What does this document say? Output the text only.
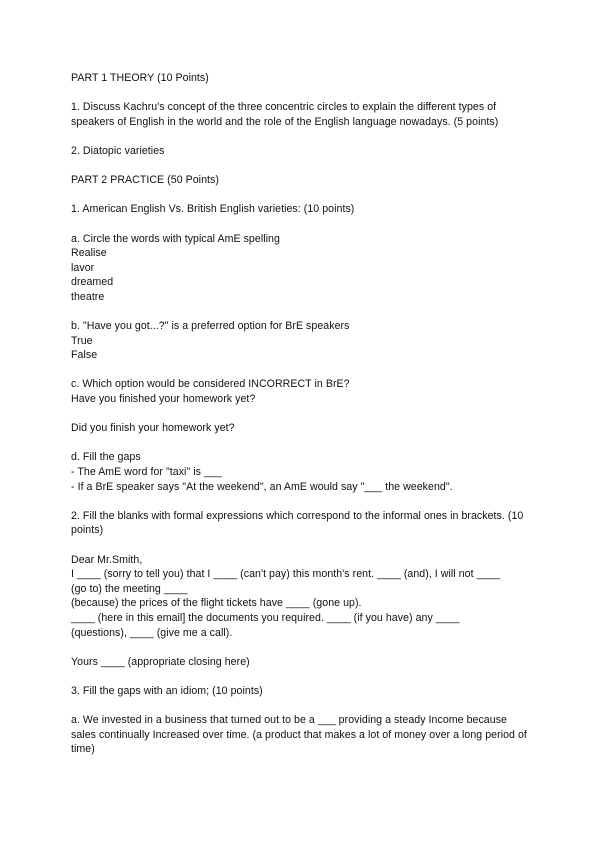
PART 1 THEORY (10 Points)

1. Discuss Kachru's concept of the three concentric circles to explain the different types of speakers of English in the world and the role of the English language nowadays. (5 points)

2. Diatopic varieties

PART 2 PRACTICE (50 Points)

1. American English Vs. British English varieties: (10 points)

a. Circle the words with typical AmE spelling

Realise

lavor

dreamed

theatre

b. "Have you got...?" is a preferred option for BrE speakers

True

False

c. Which option would be considered INCORRECT in BrE?

Have you finished your homework yet?

Did you finish your homework yet?

d. Fill the gaps

- The AmE word for "taxi" is ___

- If a BrE speaker says "At the weekend", an AmE would say "___ the weekend".

2. Fill the blanks with formal expressions which correspond to the informal ones in brackets. (10 points)

Dear Mr.Smith,

I ____ (sorry to tell you) that I ____ (can't pay) this month's rent. ____ (and), I will not ____

(go to) the meeting ____

(because) the prices of the flight tickets have ____ (gone up).

____ (here in this email] the documents you required. ____ (if you have) any ____

(questions), ____ (give me a call).

Yours ____ (appropriate closing here)

3. Fill the gaps with an idiom; (10 points)

a. We invested in a business that turned out to be a ___ providing a steady Income because sales continually Increased over time. (a product that makes a lot of money over a long period of time)
